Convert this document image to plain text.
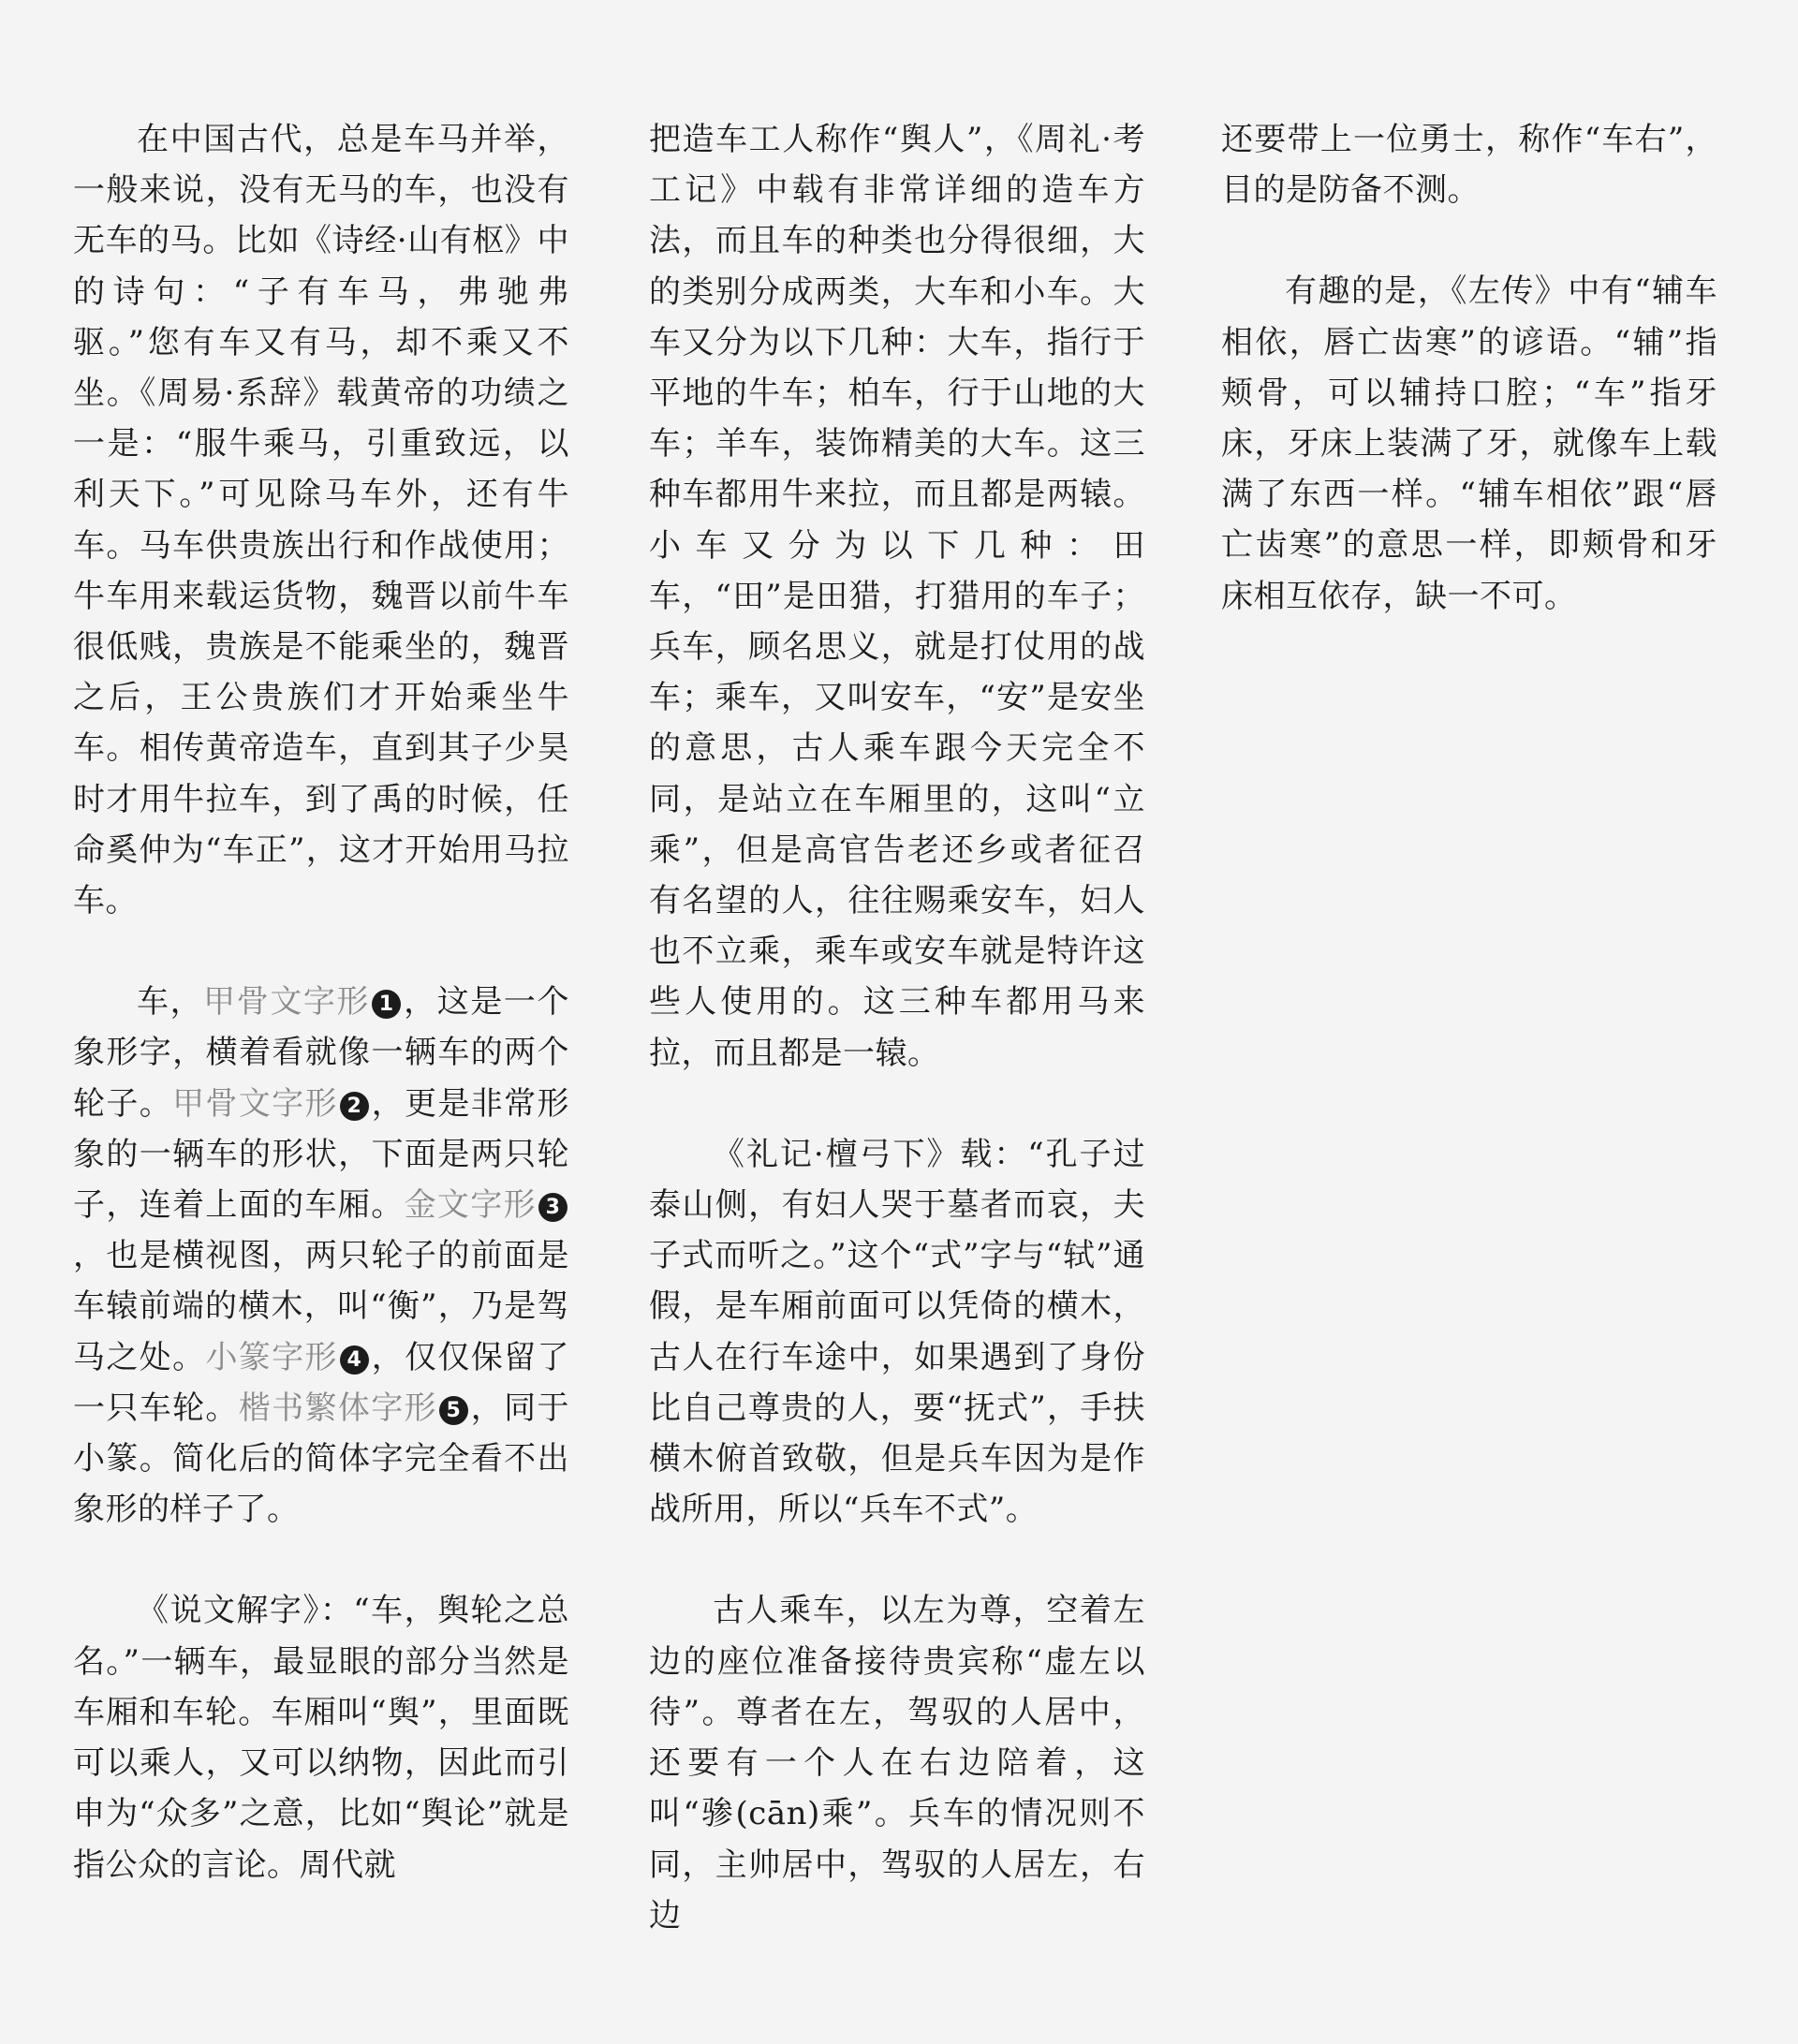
在中国古代，总是车马并举，一般来说，没有无马的车，也没有无车的马。比如《诗经·山有枢》中的诗句：“子有车马，弗驰弗驱。”您有车又有马，却不乘又不坐。《周易·系辞》载黄帝的功绩之一是：“服牛乘马，引重致远，以利天下。”可见除马车外，还有牛车。马车供贵族出行和作战使用；牛车用来载运货物，魏晋以前牛车很低贱，贵族是不能乘坐的，魏晋之后，王公贵族们才开始乘坐牛车。相传黄帝造车，直到其子少昊时才用牛拉车，到了禹的时候，任命奚仲为“车正”，这才开始用马拉车。

车，甲骨文字形 1 ，这是一个象形字，横着看就像一辆车的两个轮子。甲骨文字形 2 ，更是非常形象的一辆车的形状，下面是两只轮子，连着上面的车厢。金文字形 3，也是横视图，两只轮子的前面是车辕前端的横木，叫“衡”，乃是驾马之处。小篆字形 4 ，仅仅保留了一只车轮。楷书繁体字形 5 ，同于小篆。简化后的简体字完全看不出象形的样子了。

《说文解字》：“车，舆轮之总名。”一辆车，最显眼的部分当然是车厢和车轮。车厢叫“舆”，里面既可以乘人，又可以纳物，因此而引申为“众多”之意，比如“舆论”就是指公众的言论。周代就

把造车工人称作“舆人”，《周礼·考工记》中载有非常详细的造车方法，而且车的种类也分得很细，大的类别分成两类，大车和小车。大车又分为以下几种：大车，指行于平地的牛车；柏车，行于山地的大车；羊车，装饰精美的大车。这三种车都用牛来拉，而且都是两辕。小车又分为以下几种：田车，“田”是田猎，打猎用的车子；兵车，顾名思义，就是打仗用的战车；乘车，又叫安车，“安”是安坐的意思，古人乘车跟今天完全不同，是站立在车厢里的，这叫“立乘”，但是高官告老还乡或者征召有名望的人，往往赐乘安车，妇人也不立乘，乘车或安车就是特许这些人使用的。这三种车都用马来拉，而且都是一辕。

《礼记·檀弓下》载：“孔子过泰山侧，有妇人哭于墓者而哀，夫子式而听之。”这个“式”字与“轼”通假，是车厢前面可以凭倚的横木，古人在行车途中，如果遇到了身份比自己尊贵的人，要“抚式”，手扶横木俯首致敬，但是兵车因为是作战所用，所以“兵车不式”。

古人乘车，以左为尊，空着左边的座位准备接待贵宾称“虚左以待”。尊者在左，驾驭的人居中，还要有一个人在右边陪着，这叫“骖(cān)乘”。兵车的情况则不同，主帅居中，驾驭的人居左，右边

还要带上一位勇士，称作“车右”，目的是防备不测。

有趣的是，《左传》中有“辅车相依，唇亡齿寒”的谚语。“辅”指颊骨，可以辅持口腔；“车”指牙床，牙床上装满了牙，就像车上载满了东西一样。“辅车相依”跟“唇亡齿寒”的意思一样，即颊骨和牙床相互依存，缺一不可。
